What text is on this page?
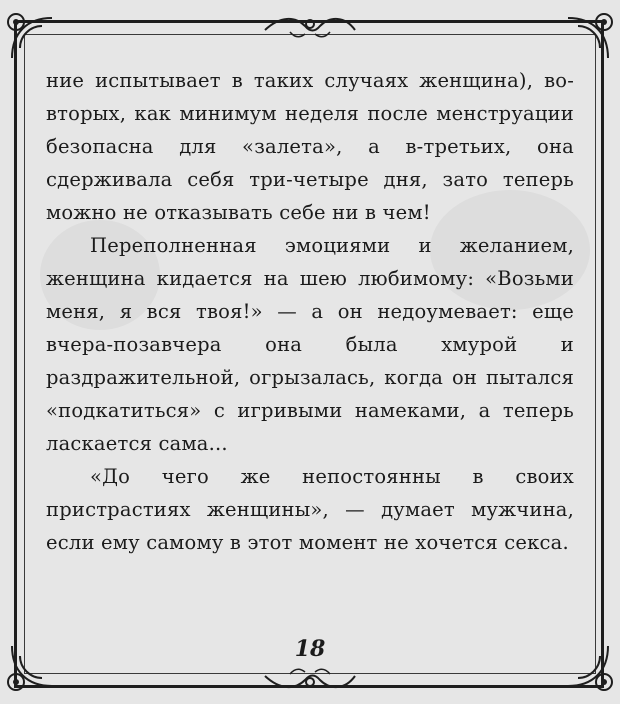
ние испытывает в таких случаях женщина), во-вторых, как минимум неделя после менструации безопасна для «залета», а в-третьих, она сдерживала себя три-четыре дня, зато теперь можно не отказывать себе ни в чем!

Переполненная эмоциями и желанием, женщина кидается на шею любимому: «Возьми меня, я вся твоя!» — а он недоумевает: еще вчера-позавчера она была хмурой и раздражительной, огрызалась, когда он пытался «подкатиться» с игривыми намеками, а теперь ласкается сама...

«До чего же непостоянны в своих пристрастиях женщины», — думает мужчина, если ему самому в этот момент не хочется секса.

18
